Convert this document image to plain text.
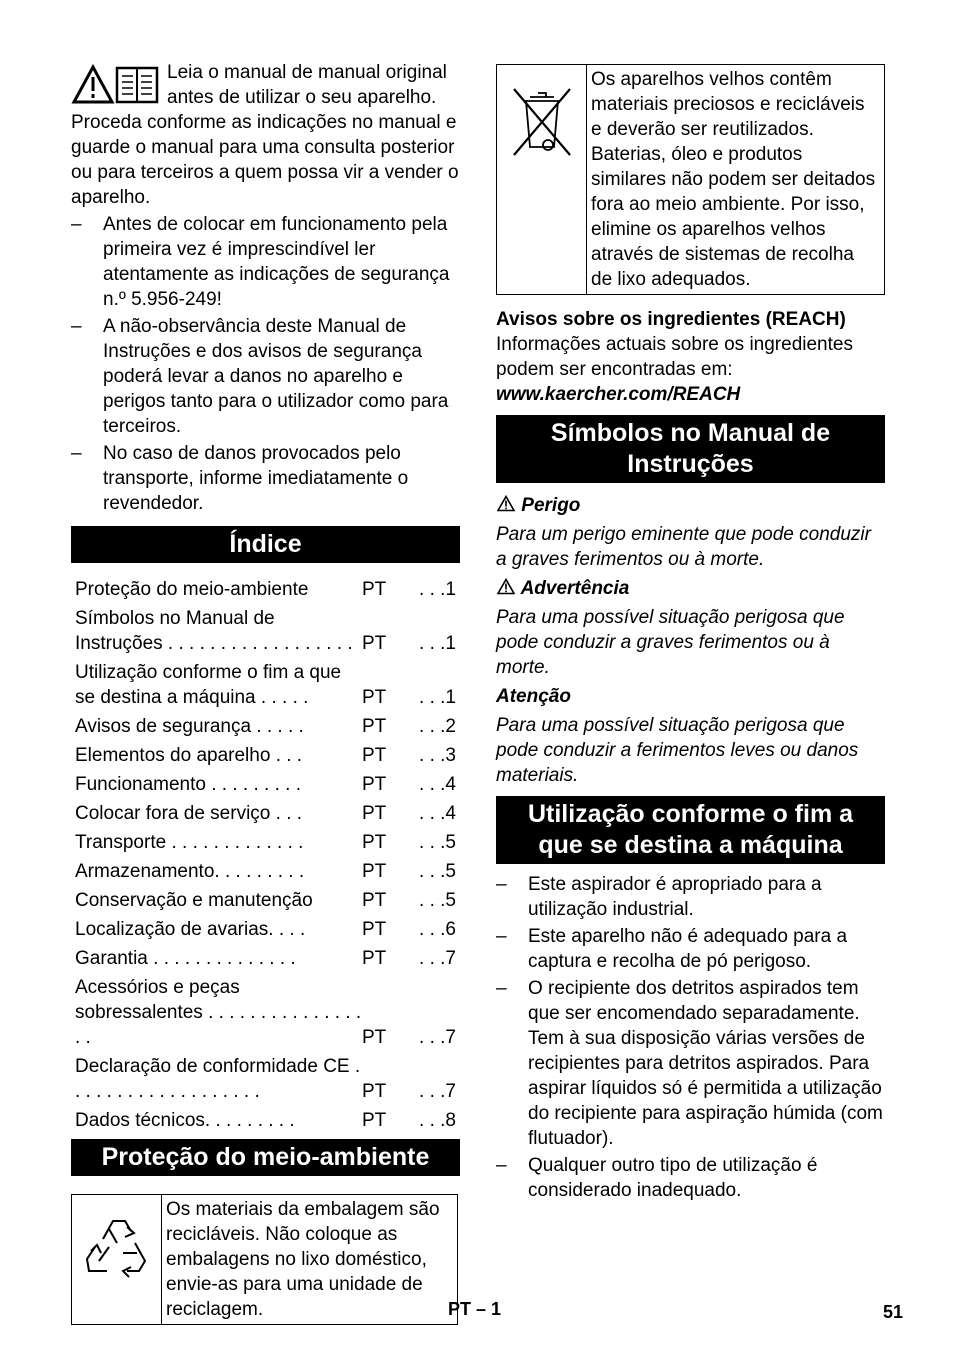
Leia o manual de manual original antes de utilizar o seu aparelho. Proceda conforme as indicações no manual e guarde o manual para uma consulta posterior ou para terceiros a quem possa vir a vender o aparelho.

– Antes de colocar em funcionamento pela primeira vez é imprescindível ler atentamente as indicações de segurança n.º 5.956-249!
– A não-observância deste Manual de Instruções e dos avisos de segurança poderá levar a danos no aparelho e perigos tanto para o utilizador como para terceiros.
– No caso de danos provocados pelo transporte, informe imediatamente o revendedor.
Índice
Proteção do meio-ambiente	PT	. . .1
Símbolos no Manual de Instruções . . . . . . . . . . . . . . . . . . PT	. . .1
Utilização conforme o fim a que se destina a máquina . . . . .	PT	. . .1
Avisos de segurança . . . . .	PT	. . .2
Elementos do aparelho . . .	PT	. . .3
Funcionamento . . . . . . . . .	PT	. . .4
Colocar fora de serviço . . .	PT	. . .4
Transporte . . . . . . . . . . . . .	PT	. . .5
Armazenamento. . . . . . . . .	PT	. . .5
Conservação e manutenção	PT	. . .5
Localização de avarias. . . .	PT	. . .6
Garantia . . . . . . . . . . . . . .	PT	. . .7
Acessórios e peças sobressalentes . . . . . . . . . . . . . . . . .	PT	. . .7
Declaração de conformidade CE . . . . . . . . . . . . . . . . . . .	PT	. . .7
Dados técnicos. . . . . . . . .	PT	. . .8
Proteção do meio-ambiente
Os materiais da embalagem são recicláveis. Não coloque as embalagens no lixo doméstico, envie-as para uma unidade de reciclagem.
Os aparelhos velhos contêm materiais preciosos e recicláveis e deverão ser reutilizados. Baterias, óleo e produtos similares não podem ser deitados fora ao meio ambiente. Por isso, elimine os aparelhos velhos através de sistemas de recolha de lixo adequados.

Avisos sobre os ingredientes (REACH)

Informações actuais sobre os ingredientes podem ser encontradas em:

www.kaercher.com/REACH

Símbolos no Manual de Instruções

Perigo

Para um perigo eminente que pode conduzir a graves ferimentos ou à morte.

Advertência

Para uma possível situação perigosa que pode conduzir a graves ferimentos ou à morte.

Atenção

Para uma possível situação perigosa que pode conduzir a ferimentos leves ou danos materiais.

Utilização conforme o fim a que se destina a máquina
– Este aspirador é apropriado para a utilização industrial.
– Este aparelho não é adequado para a captura e recolha de pó perigoso.
– O recipiente dos detritos aspirados tem que ser encomendado separadamente. Tem à sua disposição várias versões de recipientes para detritos aspirados. Para aspirar líquidos só é permitida a utilização do recipiente para aspiração húmida (com flutuador).
– Qualquer outro tipo de utilização é considerado inadequado.
PT – 1	51
